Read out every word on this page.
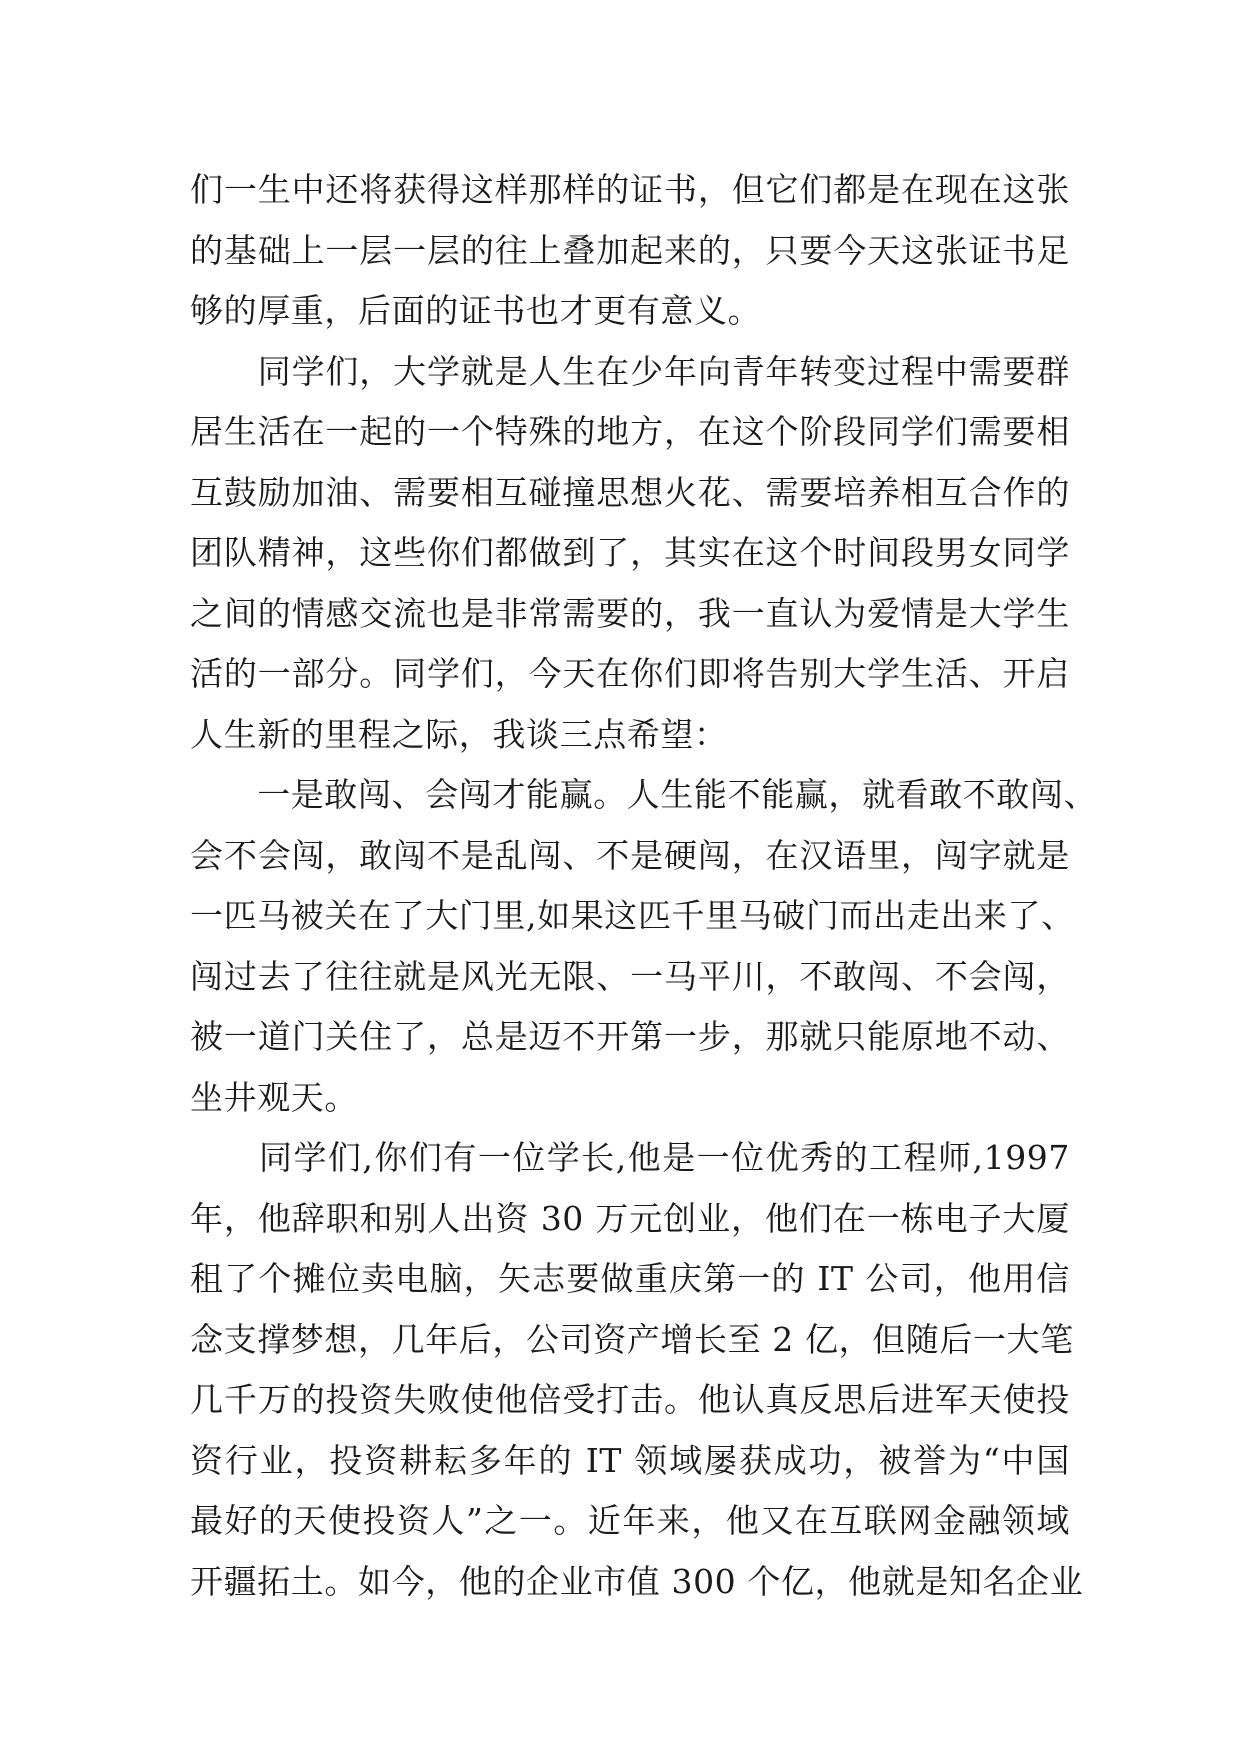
们一生中还将获得这样那样的证书，但它们都是在现在这张
的基础上一层一层的往上叠加起来的，只要今天这张证书足
够的厚重，后面的证书也才更有意义。
　　同学们，大学就是人生在少年向青年转变过程中需要群
居生活在一起的一个特殊的地方，在这个阶段同学们需要相
互鼓励加油、需要相互碰撞思想火花、需要培养相互合作的
团队精神，这些你们都做到了，其实在这个时间段男女同学
之间的情感交流也是非常需要的，我一直认为爱情是大学生
活的一部分。同学们，今天在你们即将告别大学生活、开启
人生新的里程之际，我谈三点希望：
　　一是敢闯、会闯才能赢。人生能不能赢，就看敢不敢闯、
会不会闯，敢闯不是乱闯、不是硬闯，在汉语里，闯字就是
一匹马被关在了大门里,如果这匹千里马破门而出走出来了、
闯过去了往往就是风光无限、一马平川，不敢闯、不会闯，
被一道门关住了，总是迈不开第一步，那就只能原地不动、
坐井观天。
　　同学们,你们有一位学长,他是一位优秀的工程师,1997
年，他辞职和别人出资 30 万元创业，他们在一栋电子大厦
租了个摊位卖电脑，矢志要做重庆第一的 IT 公司，他用信
念支撑梦想，几年后，公司资产增长至 2 亿，但随后一大笔
几千万的投资失败使他倍受打击。他认真反思后进军天使投
资行业，投资耕耘多年的 IT 领域屡获成功，被誉为“中国
最好的天使投资人”之一。近年来，他又在互联网金融领域
开疆拓土。如今，他的企业市值 300 个亿，他就是知名企业
